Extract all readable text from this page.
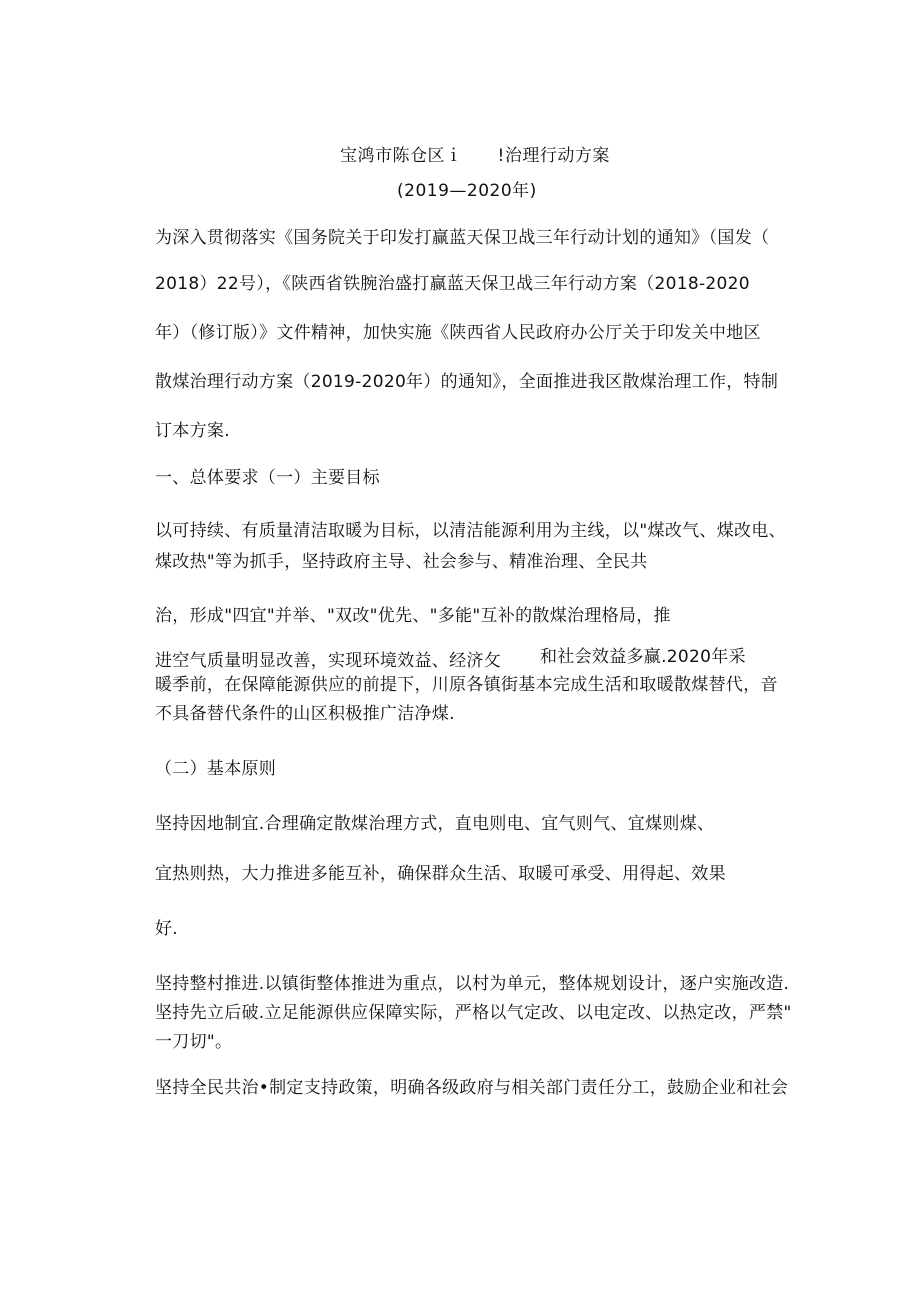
宝鸿市陈仓区ｉ　　!治理行动方案
(2019—2020年)
为深入贯彻落实《国务院关于印发打赢蓝天保卫战三年行动计划的通知》（国发（
2018）22号），《陕西省铁腕治盛打赢蓝天保卫战三年行动方案（2018-2020
年）（修订版）》文件精神，加快实施《陕西省人民政府办公厅关于印发关中地区
散煤治理行动方案（2019-2020年）的通知》，全面推进我区散煤治理工作，特制
订本方案.
一、总体要求（一）主要目标
以可持续、有质量清洁取暖为目标，以清洁能源利用为主线，以"煤改气、煤改电、
煤改热"等为抓手，坚持政府主导、社会参与、精准治理、全民共
治，形成"四宜"并举、"双改"优先、"多能"互补的散煤治理格局，推
进空气质量明显改善，实现环境效益、经济攵 和社会效益多赢.2020年采
暖季前，在保障能源供应的前提下，川原各镇街基本完成生活和取暖散煤替代，音
不具备替代条件的山区积极推广洁净煤.
（二）基本原则
坚持因地制宜.合理确定散煤治理方式，直电则电、宜气则气、宜煤则煤、
宜热则热，大力推进多能互补，确保群众生活、取暖可承受、用得起、效果
好.
坚持整村推进.以镇街整体推进为重点，以村为单元，整体规划设计，逐户实施改造.
坚持先立后破.立足能源供应保障实际，严格以气定改、以电定改、以热定改，严禁"
一刀切"。
坚持全民共治•制定支持政策，明确各级政府与相关部门责任分工，鼓励企业和社会
